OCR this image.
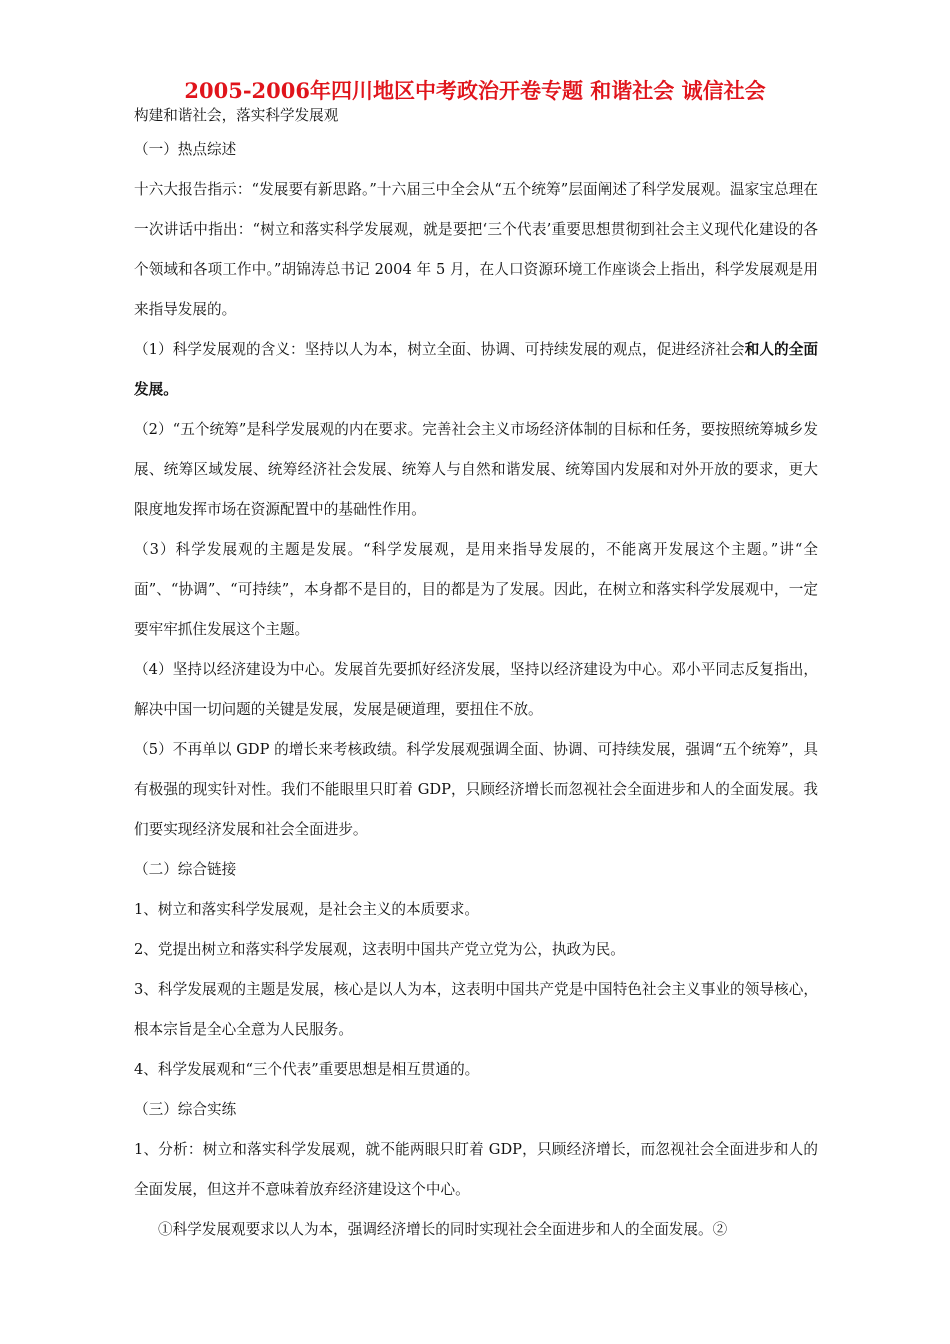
2005-2006年四川地区中考政治开卷专题 和谐社会 诚信社会

构建和谐社会，落实科学发展观

（一）热点综述

十六大报告指示：“发展要有新思路。”十六届三中全会从“五个统筹”层面阐述了科学发展观。温家宝总理在一次讲话中指出：“树立和落实科学发展观，就是要把‘三个代表’重要思想贯彻到社会主义现代化建设的各个领域和各项工作中。”胡锦涛总书记 2004 年 5 月，在人口资源环境工作座谈会上指出，科学发展观是用来指导发展的。

（1）科学发展观的含义：坚持以人为本，树立全面、协调、可持续发展的观点，促进经济社会和人的全面发展。

（2）“五个统筹”是科学发展观的内在要求。完善社会主义市场经济体制的目标和任务，要按照统筹城乡发展、统筹区域发展、统筹经济社会发展、统筹人与自然和谐发展、统筹国内发展和对外开放的要求，更大限度地发挥市场在资源配置中的基础性作用。

（3）科学发展观的主题是发展。“科学发展观，是用来指导发展的，不能离开发展这个主题。”讲“全面”、“协调”、“可持续”，本身都不是目的，目的都是为了发展。因此，在树立和落实科学发展观中，一定要牢牢抓住发展这个主题。

（4）坚持以经济建设为中心。发展首先要抓好经济发展，坚持以经济建设为中心。邓小平同志反复指出，解决中国一切问题的关键是发展，发展是硬道理，要扭住不放。

（5）不再单以 GDP 的增长来考核政绩。科学发展观强调全面、协调、可持续发展，强调“五个统筹”，具有极强的现实针对性。我们不能眼里只盯着 GDP，只顾经济增长而忽视社会全面进步和人的全面发展。我们要实现经济发展和社会全面进步。

（二）综合链接

1、树立和落实科学发展观，是社会主义的本质要求。

2、党提出树立和落实科学发展观，这表明中国共产党立党为公，执政为民。

3、科学发展观的主题是发展，核心是以人为本，这表明中国共产党是中国特色社会主义事业的领导核心，根本宗旨是全心全意为人民服务。

4、科学发展观和“三个代表”重要思想是相互贯通的。

（三）综合实练

1、分析：树立和落实科学发展观，就不能两眼只盯着 GDP，只顾经济增长，而忽视社会全面进步和人的全面发展，但这并不意味着放弃经济建设这个中心。

①科学发展观要求以人为本，强调经济增长的同时实现社会全面进步和人的全面发展。②
